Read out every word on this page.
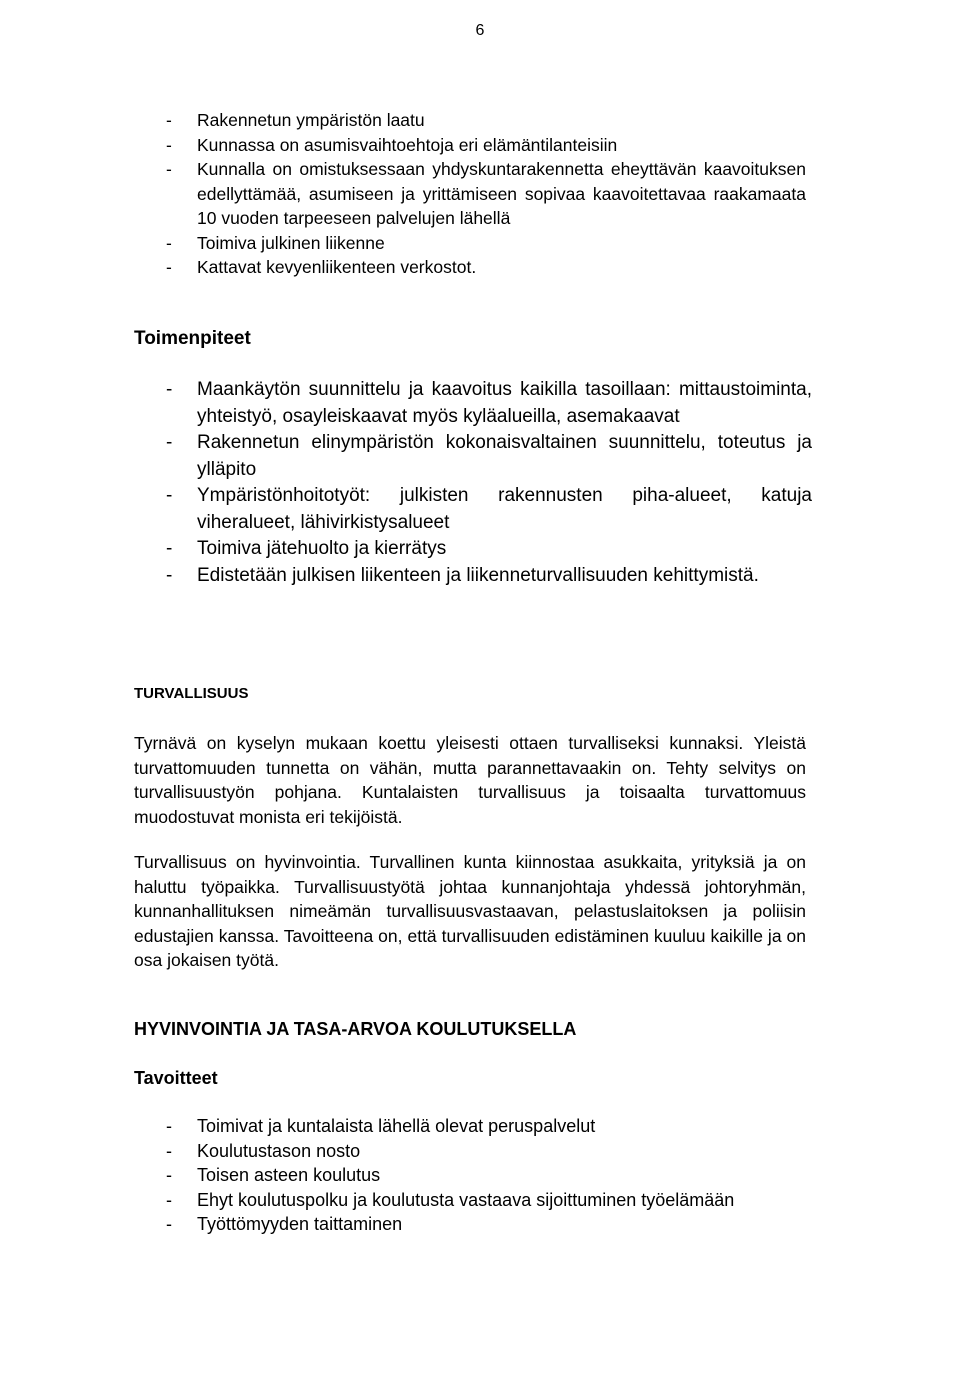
6
- Rakennetun ympäristön laatu
- Kunnassa on asumisvaihtoehtoja eri elämäntilanteisiin
- Kunnalla on omistuksessaan yhdyskuntarakennetta eheyttävän kaavoituksen edellyttämää, asumiseen ja yrittämiseen sopivaa kaavoitettavaa raakamaata 10 vuoden tarpeeseen palvelujen lähellä
- Toimiva julkinen liikenne
- Kattavat kevyenliikenteen verkostot.
Toimenpiteet
- Maankäytön suunnittelu ja kaavoitus kaikilla tasoillaan: mittaustoiminta, yhteistyö, osayleiskaavat myös kyläalueilla, asemakaavat
- Rakennetun elinympäristön kokonaisvaltainen suunnittelu, toteutus ja ylläpito
- Ympäristönhoitotyöt: julkisten rakennusten piha-alueet, katuja viheralueet, lähivirkistysalueet
- Toimiva jätehuolto ja kierrätys
- Edistetään julkisen liikenteen ja liikenneturvallisuuden kehittymistä.
TURVALLISUUS

Tyrnävä on kyselyn mukaan koettu yleisesti ottaen turvalliseksi kunnaksi. Yleistä turvattomuuden tunnetta on vähän, mutta parannettavaakin on. Tehty selvitys on turvallisuustyön pohjana. Kuntalaisten turvallisuus ja toisaalta turvattomuus muodostuvat monista eri tekijöistä.

Turvallisuus on hyvinvointia. Turvallinen kunta kiinnostaa asukkaita, yrityksiä ja on haluttu työpaikka. Turvallisuustyötä johtaa kunnanjohtaja yhdessä johtoryhmän, kunnanhallituksen nimeämän turvallisuusvastaavan, pelastuslaitoksen ja poliisin edustajien kanssa. Tavoitteena on, että turvallisuuden edistäminen kuuluu kaikille ja on osa jokaisen työtä.

HYVINVOINTIA JA TASA-ARVOA KOULUTUKSELLA
Tavoitteet
- Toimivat ja kuntalaista lähellä olevat peruspalvelut
- Koulutustason nosto
- Toisen asteen koulutus
- Ehyt koulutuspolku ja koulutusta vastaava sijoittuminen työelämään
- Työttömyyden taittaminen
